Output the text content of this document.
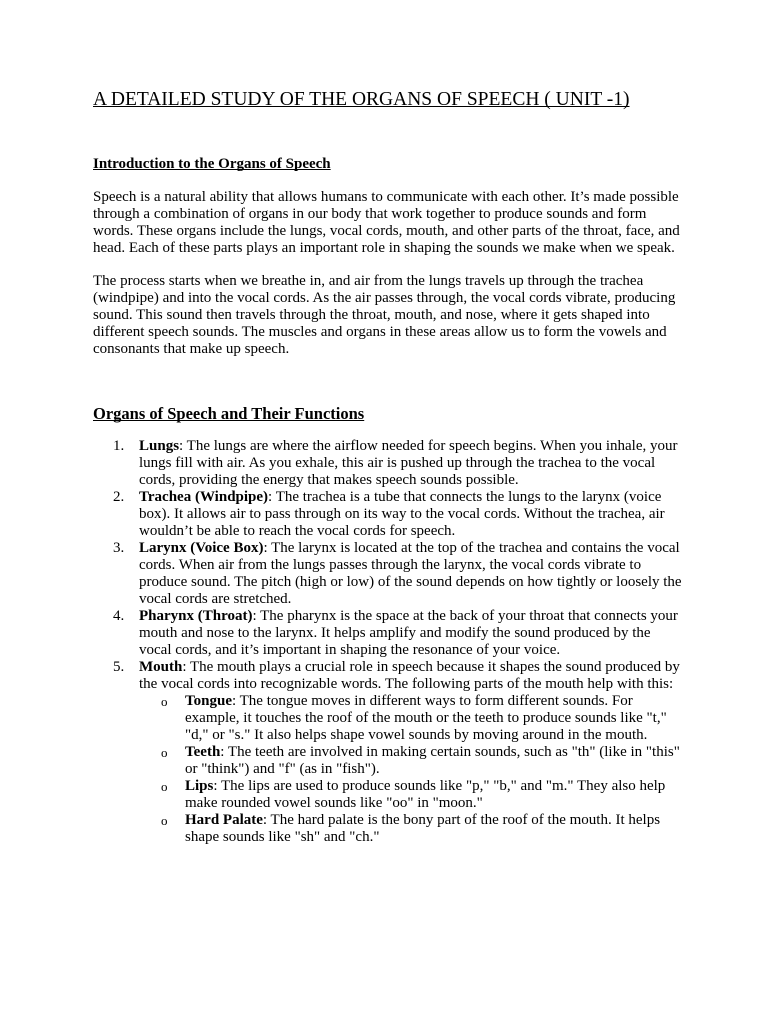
A DETAILED STUDY OF THE ORGANS OF SPEECH ( UNIT -1)
Introduction to the Organs of Speech

Speech is a natural ability that allows humans to communicate with each other. It’s made possible through a combination of organs in our body that work together to produce sounds and form words. These organs include the lungs, vocal cords, mouth, and other parts of the throat, face, and head. Each of these parts plays an important role in shaping the sounds we make when we speak.

The process starts when we breathe in, and air from the lungs travels up through the trachea (windpipe) and into the vocal cords. As the air passes through, the vocal cords vibrate, producing sound. This sound then travels through the throat, mouth, and nose, where it gets shaped into different speech sounds. The muscles and organs in these areas allow us to form the vowels and consonants that make up speech.

Organs of Speech and Their Functions
1. Lungs: The lungs are where the airflow needed for speech begins. When you inhale, your lungs fill with air. As you exhale, this air is pushed up through the trachea to the vocal cords, providing the energy that makes speech sounds possible.
2. Trachea (Windpipe): The trachea is a tube that connects the lungs to the larynx (voice box). It allows air to pass through on its way to the vocal cords. Without the trachea, air wouldn’t be able to reach the vocal cords for speech.
3. Larynx (Voice Box): The larynx is located at the top of the trachea and contains the vocal cords. When air from the lungs passes through the larynx, the vocal cords vibrate to produce sound. The pitch (high or low) of the sound depends on how tightly or loosely the vocal cords are stretched.
4. Pharynx (Throat): The pharynx is the space at the back of your throat that connects your mouth and nose to the larynx. It helps amplify and modify the sound produced by the vocal cords, and it’s important in shaping the resonance of your voice.
5. Mouth: The mouth plays a crucial role in speech because it shapes the sound produced by the vocal cords into recognizable words. The following parts of the mouth help with this:
o Tongue: The tongue moves in different ways to form different sounds. For example, it touches the roof of the mouth or the teeth to produce sounds like "t," "d," or "s." It also helps shape vowel sounds by moving around in the mouth.
o Teeth: The teeth are involved in making certain sounds, such as "th" (like in "this" or "think") and "f" (as in "fish").
o Lips: The lips are used to produce sounds like "p," "b," and "m." They also help make rounded vowel sounds like "oo" in "moon."
o Hard Palate: The hard palate is the bony part of the roof of the mouth. It helps shape sounds like "sh" and "ch."
